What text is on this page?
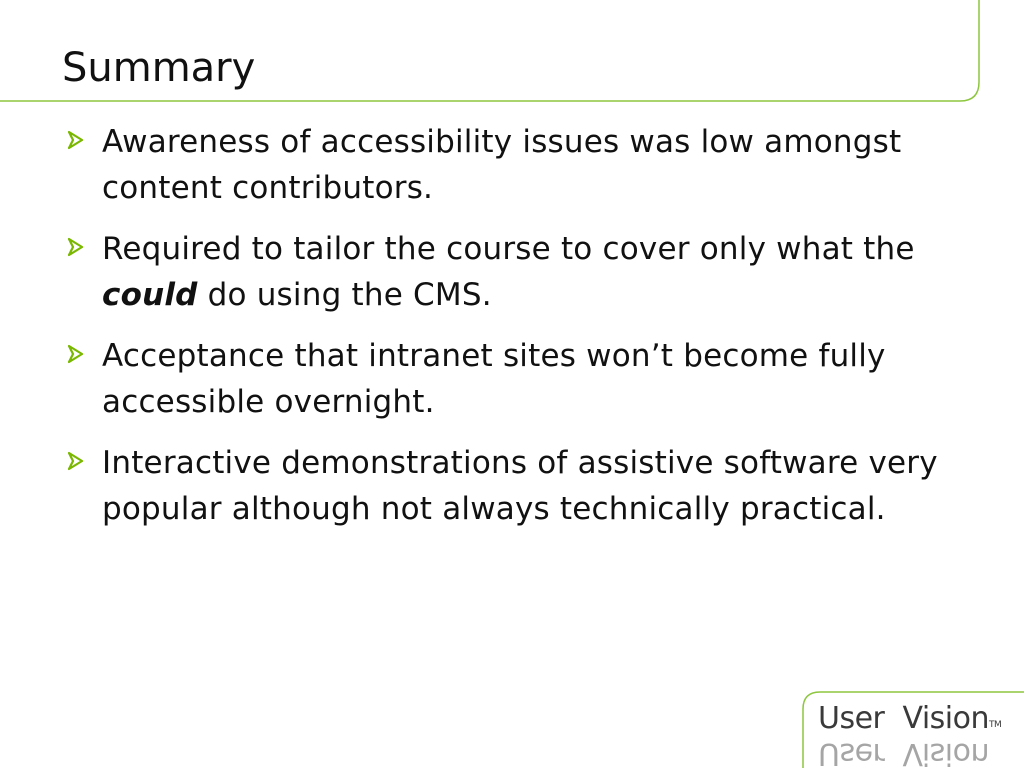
Summary
Awareness of accessibility issues was low amongst content contributors.
Required to tailor the course to cover only what the could do using the CMS.
Acceptance that intranet sites won’t become fully accessible overnight.
Interactive demonstrations of assistive software very popular although not always technically practical.
User  Vision™
User  Vision
